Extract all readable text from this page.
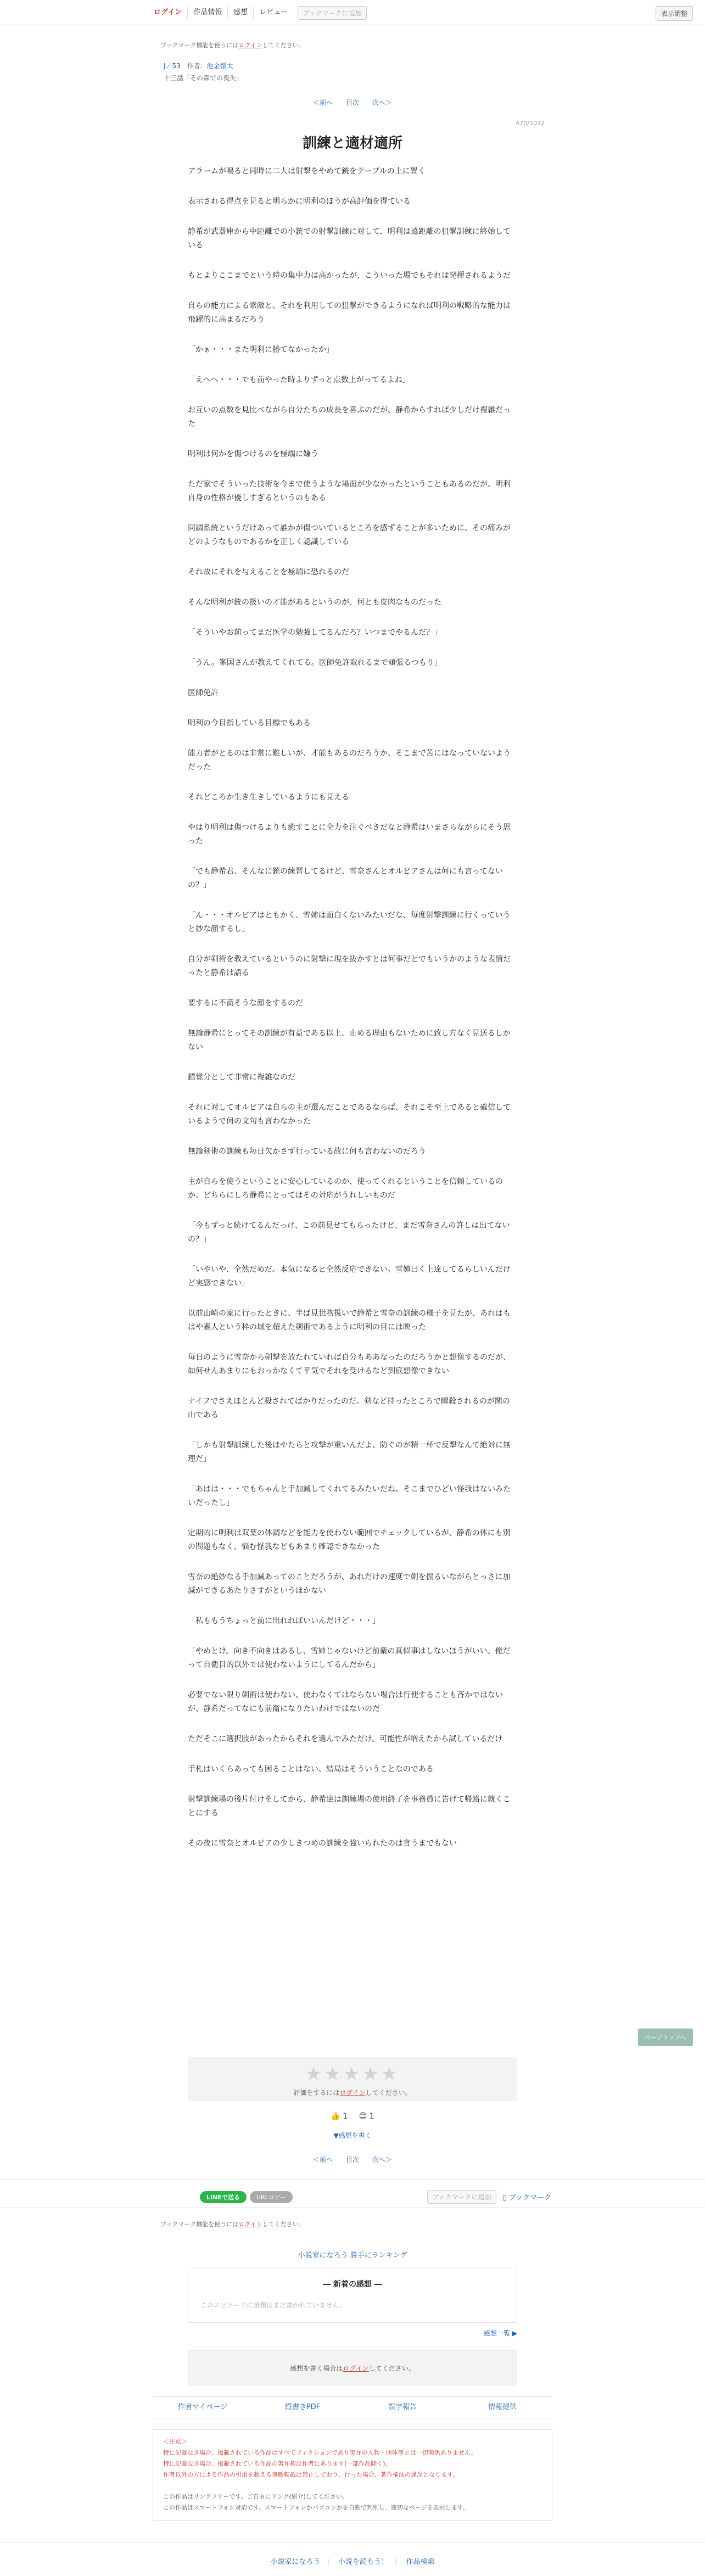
ログイン	作品情報	感想	レビュー	ブックマークに追加	表示調整
ブックマーク機能を使うにはログインしてください。
J／53 作者：池金懐太
十三話「その森での喪失」
＜前へ 目次 次へ＞
470/1032
訓練と適材適所

アラームが鳴ると同時に二人は射撃をやめて銃をテーブルの上に置く

表示される得点を見ると明らかに明利のほうが高評価を得ている

静希が武器庫から中距離での小銃での射撃訓練に対して、明利は遠距離の狙撃訓練に終始している

もとよりここまでという時の集中力は高かったが、こういった場でもそれは発揮されるようだ

自らの能力による索敵と、それを利用しての狙撃ができるようになれば明利の戦略的な能力は飛躍的に高まるだろう

「かぁ・・・また明利に勝てなかったか」

「えへへ・・・でも前やった時よりずっと点数上がってるよね」

お互いの点数を見比べながら自分たちの成長を喜ぶのだが、静希からすれば少しだけ複雑だった

明利は何かを傷つけるのを極端に嫌う

ただ家でそういった技術を今まで使うような場面が少なかったということもあるのだが、明利自身の性格が優しすぎるというのもある

同調系統というだけあって誰かが傷ついているところを感ずることが多いために、その痛みがどのようなものであるかを正しく認識している

それ故にそれを与えることを極端に恐れるのだ

そんな明利が銃の扱いの才能があるというのが、何とも皮肉なものだった

「そういやお前ってまだ医学の勉強してるんだろ？いつまでやるんだ？」

「うん。峯国さんが教えてくれてる。医師免許取れるまで頑張るつもり」

医師免許

明利の今目指している目標でもある

能力者がとるのは非常に難しいが、才能もあるのだろうか、そこまで苦にはなっていないようだった

それどころか生き生きしているようにも見える

やはり明利は傷つけるよりも癒すことに全力を注ぐべきだなと静希はいまさらながらにそう思った

「でも静希君、そんなに銃の練習してるけど、雪奈さんとオルビアさんは何にも言ってないの？」

「ん・・・オルビアはともかく、雪姉は面白くないみたいだな、毎度射撃訓練に行くっていうと妙な顔するし」

自分が剣術を教えているというのに射撃に現を抜かすとは何事だとでもいうかのような表情だったと静希は語る

要するに不満そうな顔をするのだ

無論静希にとってその訓練が有益である以上、止める理由もないために致し方なく見送るしかない

錯覚分として非常に複雑なのだ

それに対してオルビアは自らの主が選んだことであるならば、それこそ至上であると確信しているようで何の文句も言わなかった

無論剣術の訓練も毎日欠かさず行っている故に何も言わないのだろう

主が自らを使うということに安心しているのか、使ってくれるということを信頼しているのか、どちらにしろ静希にとってはその対応がうれしいものだ

「今もずっと続けてるんだっけ、この前見せてもらったけど、まだ雪奈さんの許しは出てないの？」

「いやいや、全然だめだ。本気になると全然反応できない。雪姉曰く上達してるらしいんだけど実感できない」

以前山崎の家に行ったときに、半ば見世物扱いで静希と雪奈の訓練の様子を見たが、あれはもはや素人という枠の域を超えた剣術であるように明利の目には映った

毎日のように雪奈から剣撃を放たれていれば自分もああなったのだろうかと想像するのだが、如何せんあまりにもおっかなくて平気でそれを受けるなど到底想像できない

ナイフでさえほとんど殺されてばかりだったのだ。剣など持ったところで瞬殺されるのが関の山である

「しかも射撃訓練した後はやたらと攻撃が重いんだよ、防ぐのが精一杯で反撃なんて絶対に無理だ」

「あはは・・・でもちゃんと手加減してくれてるみたいだね、そこまでひどい怪我はないみたいだったし」

定期的に明利は双葉の体調などを能力を使わない範囲でチェックしているが、静希の体にも別の問題もなく、悩む怪我などもあまり確認できなかった

雪奈の絶妙なる手加減あってのことだろうが、あれだけの速度で剣を振るいながらとっさに加減ができるあたりさすがというほかない

「私ももうちょっと前に出れればいいんだけど・・・」

「やめとけ。向き不向きはあるし、雪姉じゃないけど前衛の真似事はしないほうがいい。俺だって自衛目的以外では使わないようにしてるんだから」

必要でない限り剣術は使わない、使わなくてはならない場合は行使することも吝かではないが、静希だってなにも前衛になりたいわけではないのだ

ただそこに選択肢があったからそれを選んでみただけ。可能性が増えたから試しているだけ

手札はいくらあっても困ることはない、結局はそういうことなのである

射撃訓練場の後片付けをしてから、静希達は訓練場の使用終了を事務員に告げて帰路に就くことにする

その夜に雪奈とオルビアの少しきつめの訓練を強いられたのは言うまでもない

ページトップへ
★★★★★
評価をするにはログインしてください。
👍 1 😊 1
▼感想を書く
＜前へ 目次 次へ＞
LINEで送る	URLコピー	ブックマークに追加	▯ ブックマーク
ブックマーク機能を使うにはログインしてください。
小説家になろう 勝手にランキング
― 新着の感想 ―
このエピソードに感想はまだ書かれていません。
感想一覧 ▶
感想を書く場合はログインしてください。
作者マイページ	縦書きPDF	誤字報告	情報提供
＜注意＞
特に記載なき場合、掲載されている作品はすべてフィクションであり実在の人物・団体等とは一切関係ありません。
特に記載なき場合、掲載されている作品の著作権は作者にあります(一部作品除く)。
作者以外の方による作品の引用を超える無断転載は禁止しており、行った場合、著作権法の違反となります。
この作品はリンクフリーです。ご自由にリンク(紹介)してください。
この作品はスマートフォン対応です。スマートフォンかパソコンかを自動で判別し、適切なページを表示します。
小説家になろう | 小説を読もう！ | 作品検索
